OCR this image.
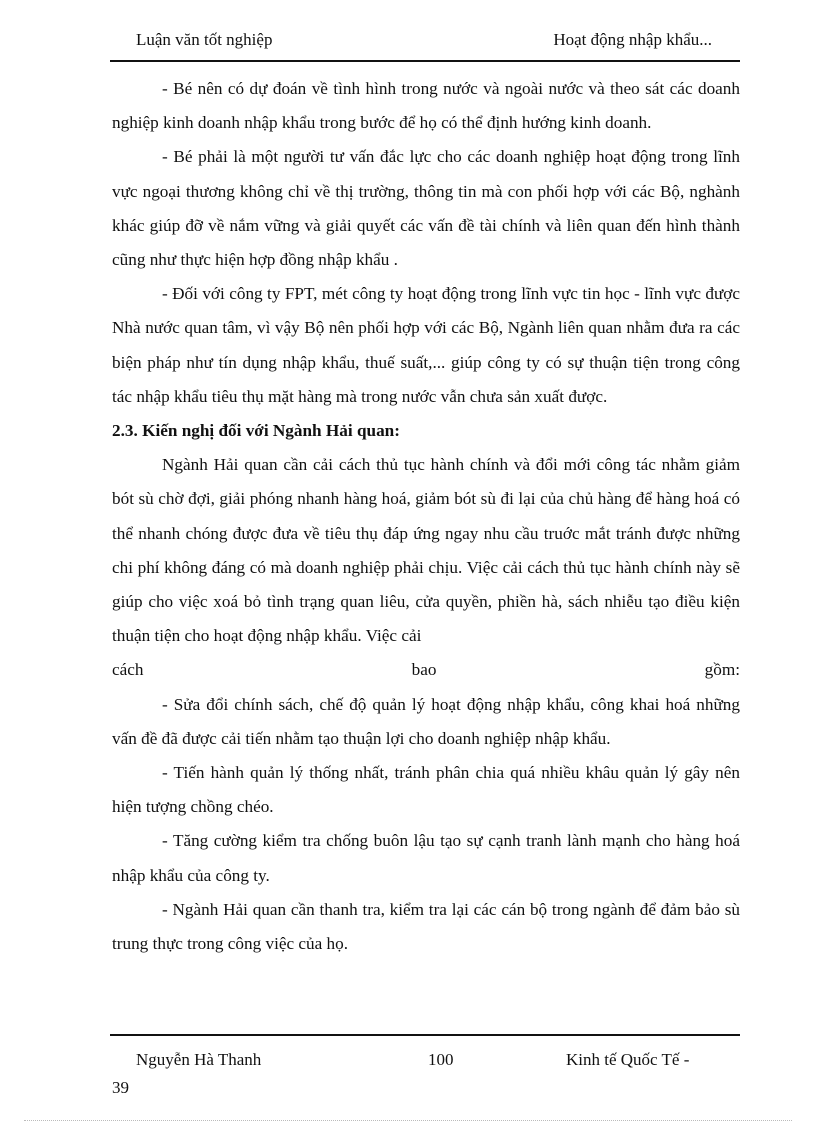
Luận văn tốt nghiệp	Hoạt động nhập khẩu...

- Bé nên có dự đoán về tình hình trong nước và ngoài nước và theo sát các doanh nghiệp kinh doanh nhập khẩu trong bước để họ có thể định hướng kinh doanh.

- Bé phải là một người tư vấn đắc lực cho các doanh nghiệp hoạt động trong lĩnh vực ngoại thương không chỉ về thị trường, thông tin mà con phối hợp với các Bộ, nghành khác giúp đỡ về nắm vững và giải quyết các vấn đề tài chính và liên quan đến hình thành cũng như thực hiện hợp đồng nhập khẩu .

- Đối với công ty FPT, mét công ty hoạt động trong lĩnh vực tin học - lĩnh vực được Nhà nước quan tâm, vì vậy Bộ nên phối hợp với các Bộ, Ngành liên quan nhằm đưa ra các biện pháp như tín dụng nhập khẩu, thuế suất,... giúp công ty có sự thuận tiện trong công tác nhập khẩu tiêu thụ mặt hàng mà trong nước vẫn chưa sản xuất được.

2.3. Kiến nghị đối với Ngành Hải quan:

Ngành Hải quan cần cải cách thủ tục hành chính và đổi mới công tác nhằm giảm bót sù chờ đợi, giải phóng nhanh hàng hoá, giảm bót sù đi lại của chủ hàng để hàng hoá có thể nhanh chóng được đưa về tiêu thụ đáp ứng ngay nhu cầu truớc mắt tránh được những chi phí không đáng có mà doanh nghiệp phải chịu. Việc cải cách thủ tục hành chính này sẽ giúp cho việc xoá bỏ tình trạng quan liêu, cửa quyền, phiền hà, sách nhiễu tạo điều kiện thuận tiện cho hoạt động nhập khẩu. Việc cải

cách bao gồm:

- Sửa đổi chính sách, chế độ quản lý hoạt động nhập khẩu, công khai hoá những vấn đề đã được cải tiến nhằm tạo thuận lợi cho doanh nghiệp nhập khẩu.

- Tiến hành quản lý thống nhất, tránh phân chia quá nhiều khâu quản lý gây nên hiện tượng chồng chéo.

- Tăng cường kiểm tra chống buôn lậu tạo sự cạnh tranh lành mạnh cho hàng hoá nhập khẩu của công ty.

- Ngành Hải quan cần thanh tra, kiểm tra lại các cán bộ trong ngành để đảm bảo sù trung thực trong công việc của họ.

Nguyễn Hà Thanh	100	Kinh tế Quốc Tế -
39
